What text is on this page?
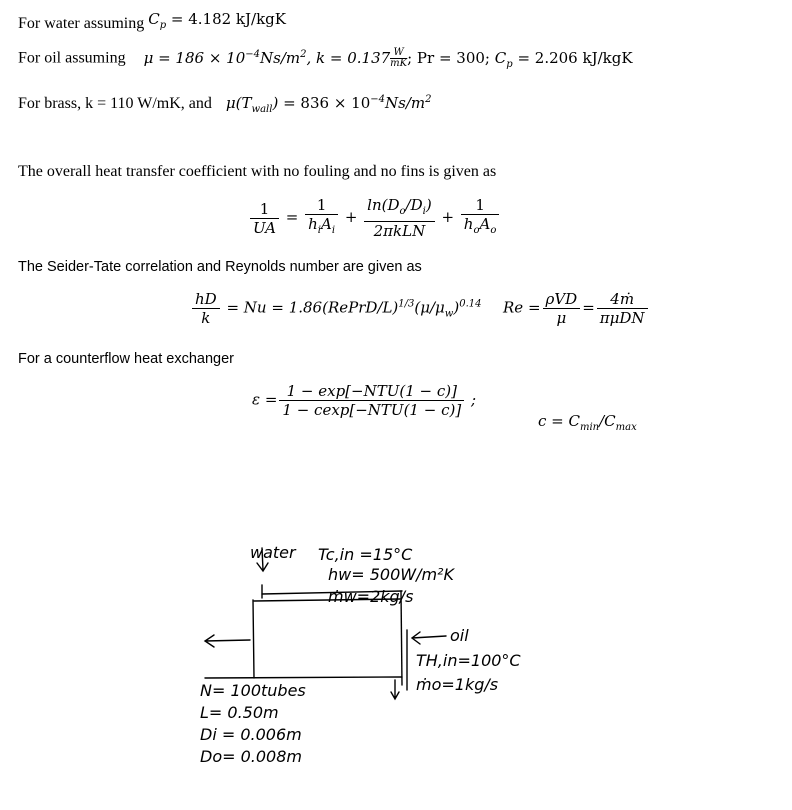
For water assuming $C_p = 4.182$ kJ/kgK
For oil assuming $\mu = 186 \times 10^{-4}Ns/m^2$, $k = 0.137 \frac{W}{mK}$ ; Pr = 300; $C_p = 2.206$ kJ/kgK
For brass, k = 110 W/mK, and $\mu(T_{wall}) = 836 \times 10^{-4}Ns/m^2$
The overall heat transfer coefficient with no fouling and no fins is given as
$\frac{1}{UA} = \frac{1}{h_iA_i} + \frac{\ln(D_o/D_i)}{\text{2πkLN}} + \frac{1}{h_oA_o}$
The Seider-Tate correlation and Reynolds number are given as
$\frac{hD}{k} = Nu$ = $1.86(RePrD/L)^{1/3}(\mu/\mu_w)^{0.14}$  $Re = \frac{\text{ρVD}}{\mu} = \frac{\text{4ṁ}}{\text{πμDN}}$
For a counterflow heat exchanger
$\varepsilon = \frac{\text{1 − exp[−NTU(1 − c)]}}{\text{1 − cexp[−NTU(1 − c)]}}$ ;
$c = C_{min}/C_{max}$
water Tc,in =15°C
hw= 500W/m²K
ṁw=2kg/s
oil
TH,in=100°C
ṁo=1kg/s
N= 100tubes
L= 0.50m
Di = 0.006m
Do= 0.008m
